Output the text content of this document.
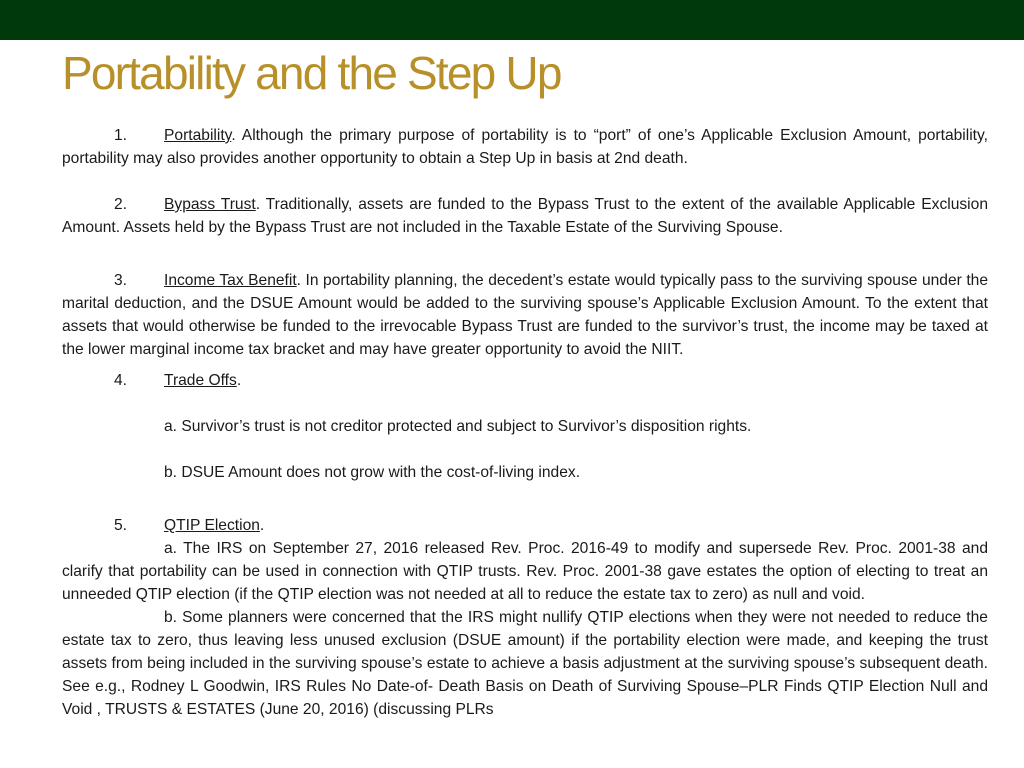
Portability and the Step Up

1. Portability. Although the primary purpose of portability is to “port” of one’s Applicable Exclusion Amount, portability, portability may also provides another opportunity to obtain a Step Up in basis at 2nd death.

2. Bypass Trust. Traditionally, assets are funded to the Bypass Trust to the extent of the available Applicable Exclusion Amount. Assets held by the Bypass Trust are not included in the Taxable Estate of the Surviving Spouse.

3. Income Tax Benefit. In portability planning, the decedent’s estate would typically pass to the surviving spouse under the marital deduction, and the DSUE Amount would be added to the surviving spouse’s Applicable Exclusion Amount. To the extent that assets that would otherwise be funded to the irrevocable Bypass Trust are funded to the survivor’s trust, the income may be taxed at the lower marginal income tax bracket and may have greater opportunity to avoid the NIIT.

4. Trade Offs.

a. Survivor’s trust is not creditor protected and subject to Survivor’s disposition rights.

b. DSUE Amount does not grow with the cost-of-living index.

5. QTIP Election.

a. The IRS on September 27, 2016 released Rev. Proc. 2016-49 to modify and supersede Rev. Proc. 2001-38 and clarify that portability can be used in connection with QTIP trusts. Rev. Proc. 2001-38 gave estates the option of electing to treat an unneeded QTIP election (if the QTIP election was not needed at all to reduce the estate tax to zero) as null and void.

b. Some planners were concerned that the IRS might nullify QTIP elections when they were not needed to reduce the estate tax to zero, thus leaving less unused exclusion (DSUE amount) if the portability election were made, and keeping the trust assets from being included in the surviving spouse’s estate to achieve a basis adjustment at the surviving spouse’s subsequent death. See e.g., Rodney L Goodwin, IRS Rules No Date-of- Death Basis on Death of Surviving Spouse–PLR Finds QTIP Election Null and Void , TRUSTS & ESTATES (June 20, 2016) (discussing PLRs
